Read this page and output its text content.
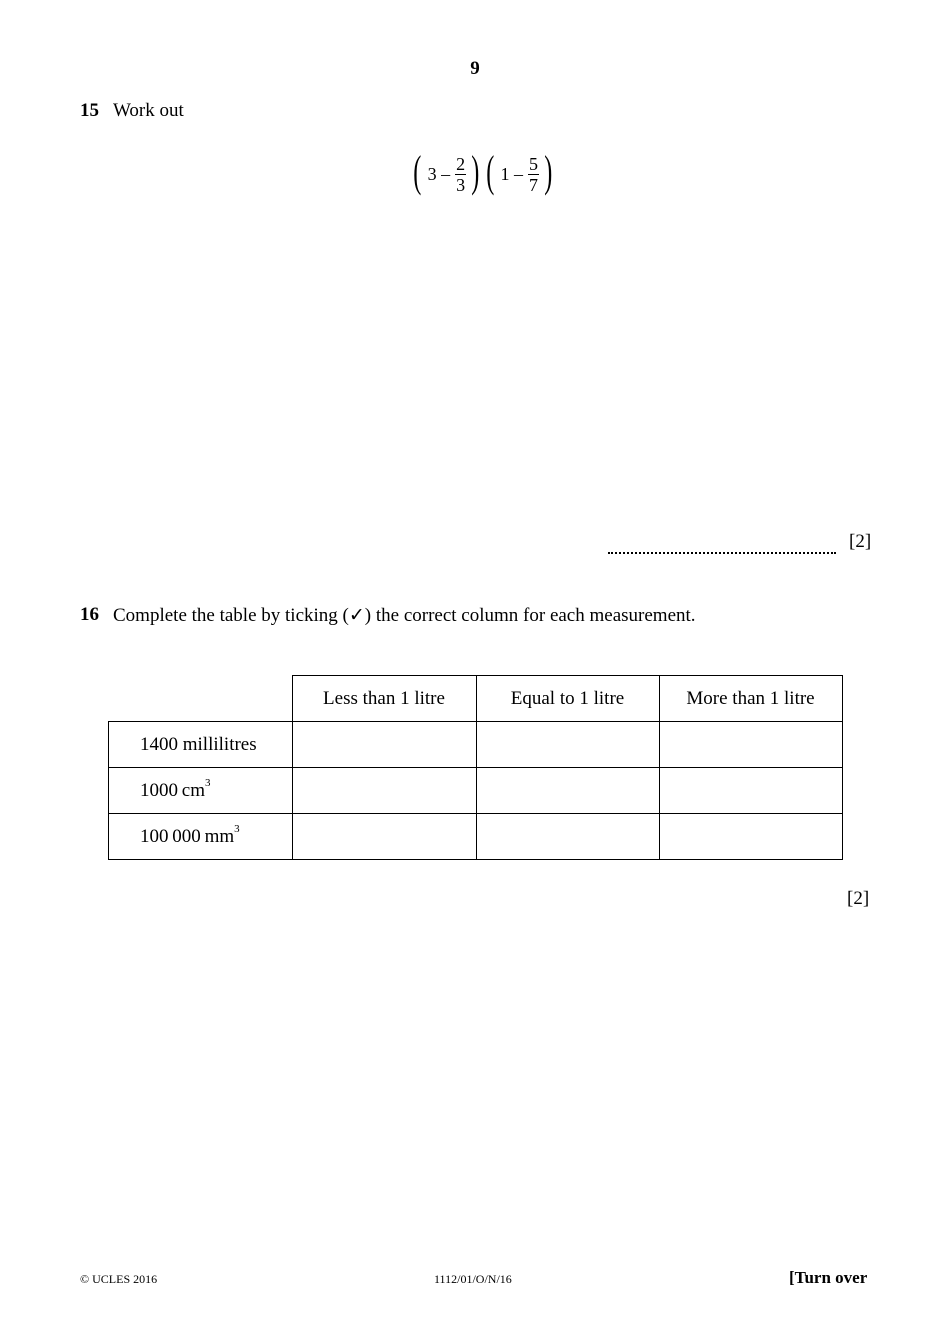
9
15 Work out
( $3 - \frac{2}{3}$ ) ( $1 - \frac{5}{7}$ )
[2]
16 Complete the table by ticking (✓) the correct column for each measurement.
	Less than 1 litre	Equal to 1 litre	More than 1 litre
1400 millilitres			
1000 $cm^3$			
100 000 $mm^3$			
[2]
© UCLES 2016	1112/01/O/N/16	[Turn over
